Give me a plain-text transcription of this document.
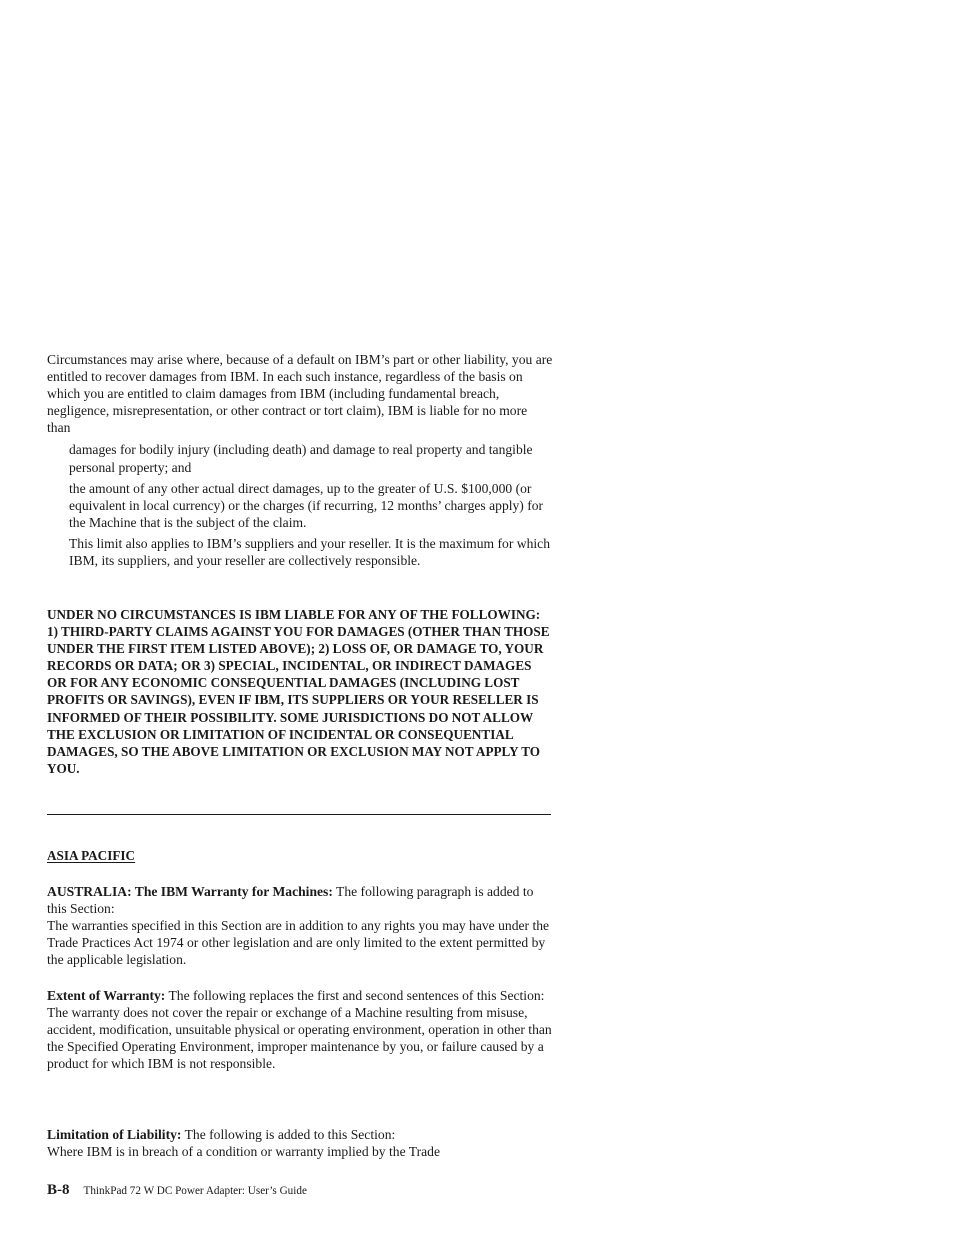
Circumstances may arise where, because of a default on IBM’s part or other liability, you are entitled to recover damages from IBM. In each such instance, regardless of the basis on which you are entitled to claim damages from IBM (including fundamental breach, negligence, misrepresentation, or other contract or tort claim), IBM is liable for no more than

damages for bodily injury (including death) and damage to real property and tangible personal property; and

the amount of any other actual direct damages, up to the greater of U.S. $100,000 (or equivalent in local currency) or the charges (if recurring, 12 months’ charges apply) for the Machine that is the subject of the claim.

This limit also applies to IBM’s suppliers and your reseller. It is the maximum for which IBM, its suppliers, and your reseller are collectively responsible.

UNDER NO CIRCUMSTANCES IS IBM LIABLE FOR ANY OF THE FOLLOWING: 1) THIRD-PARTY CLAIMS AGAINST YOU FOR DAMAGES (OTHER THAN THOSE UNDER THE FIRST ITEM LISTED ABOVE); 2) LOSS OF, OR DAMAGE TO, YOUR RECORDS OR DATA; OR 3) SPECIAL, INCIDENTAL, OR INDIRECT DAMAGES OR FOR ANY ECONOMIC CONSEQUENTIAL DAMAGES (INCLUDING LOST PROFITS OR SAVINGS), EVEN IF IBM, ITS SUPPLIERS OR YOUR RESELLER IS INFORMED OF THEIR POSSIBILITY. SOME JURISDICTIONS DO NOT ALLOW THE EXCLUSION OR LIMITATION OF INCIDENTAL OR CONSEQUENTIAL DAMAGES, SO THE ABOVE LIMITATION OR EXCLUSION MAY NOT APPLY TO YOU.

ASIA PACIFIC

AUSTRALIA: The IBM Warranty for Machines: The following paragraph is added to this Section:

The warranties specified in this Section are in addition to any rights you may have under the Trade Practices Act 1974 or other legislation and are only limited to the extent permitted by the applicable legislation.

Extent of Warranty: The following replaces the first and second sentences of this Section:

The warranty does not cover the repair or exchange of a Machine resulting from misuse, accident, modification, unsuitable physical or operating environment, operation in other than the Specified Operating Environment, improper maintenance by you, or failure caused by a product for which IBM is not responsible.

Limitation of Liability: The following is added to this Section:

Where IBM is in breach of a condition or warranty implied by the Trade

B-8 ThinkPad 72 W DC Power Adapter: User’s Guide
